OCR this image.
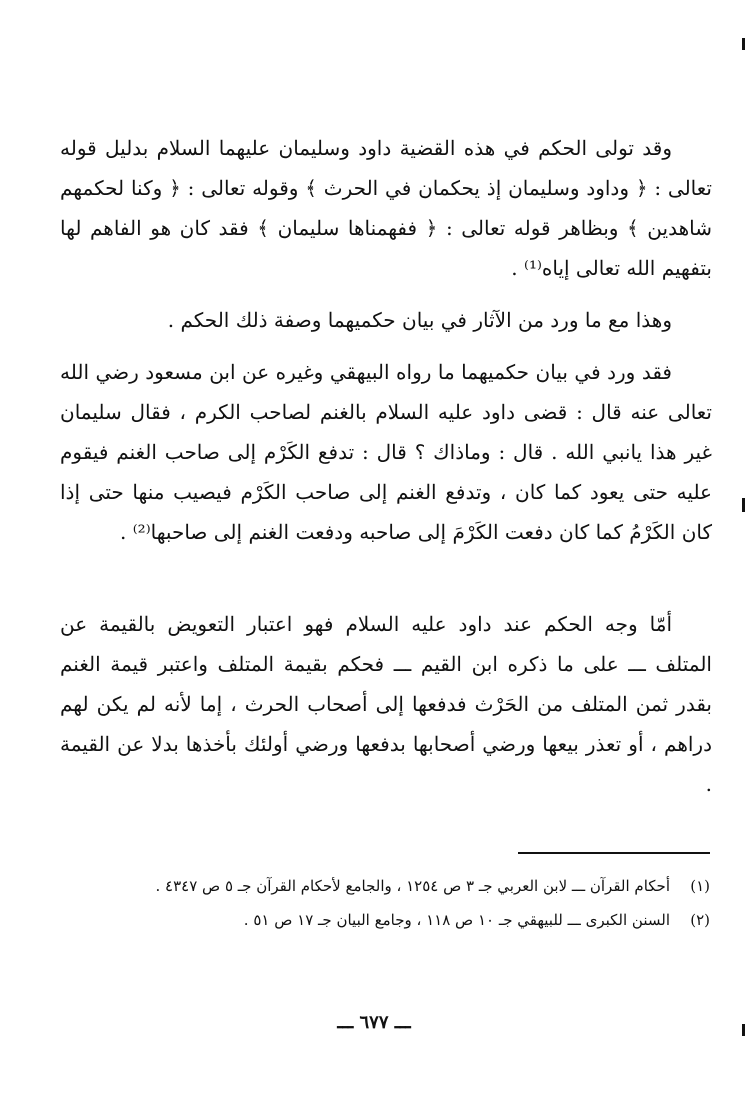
وقد تولى الحكم في هذه القضية داود وسليمان عليهما السلام بدليل قوله تعالى : ﴿ وداود وسليمان إذ يحكمان في الحرث ﴾ وقوله تعالى : ﴿ وكنا لحكمهم شاهدين ﴾ وبظاهر قوله تعالى : ﴿ ففهمناها سليمان ﴾ فقد كان هو الفاهم لها بتفهيم الله تعالى إياه⁽¹⁾ .

وهذا مع ما ورد من الآثار في بيان حكميهما وصفة ذلك الحكم .

فقد ورد في بيان حكميهما ما رواه البيهقي وغيره عن ابن مسعود رضي الله تعالى عنه قال : قضى داود عليه السلام بالغنم لصاحب الكرم ، فقال سليمان غير هذا يانبي الله . قال : وماذاك ؟ قال : تدفع الكَرْم إلى صاحب الغنم فيقوم عليه حتى يعود كما كان ، وتدفع الغنم إلى صاحب الكَرْم فيصيب منها حتى إذا كان الكَرْمُ كما كان دفعت الكَرْمَ إلى صاحبه ودفعت الغنم إلى صاحبها⁽²⁾ .

أمّا وجه الحكم عند داود عليه السلام فهو اعتبار التعويض بالقيمة عن المتلف ـــ على ما ذكره ابن القيم ـــ فحكم بقيمة المتلف واعتبر قيمة الغنم بقدر ثمن المتلف من الحَرْث فدفعها إلى أصحاب الحرث ، إما لأنه لم يكن لهم دراهم ، أو تعذر بيعها ورضي أصحابها بدفعها ورضي أولئك بأخذها بدلا عن القيمة .

(١)
أحكام القرآن ـــ لابن العربي جـ ٣ ص ١٢٥٤ ، والجامع لأحكام القرآن جـ ٥ ص ٤٣٤٧ .
(٢)
السنن الكبرى ـــ للبيهقي جـ ١٠ ص ١١٨ ، وجامع البيان جـ ١٧ ص ٥١ .
ـــ ٦٧٧ ـــ
